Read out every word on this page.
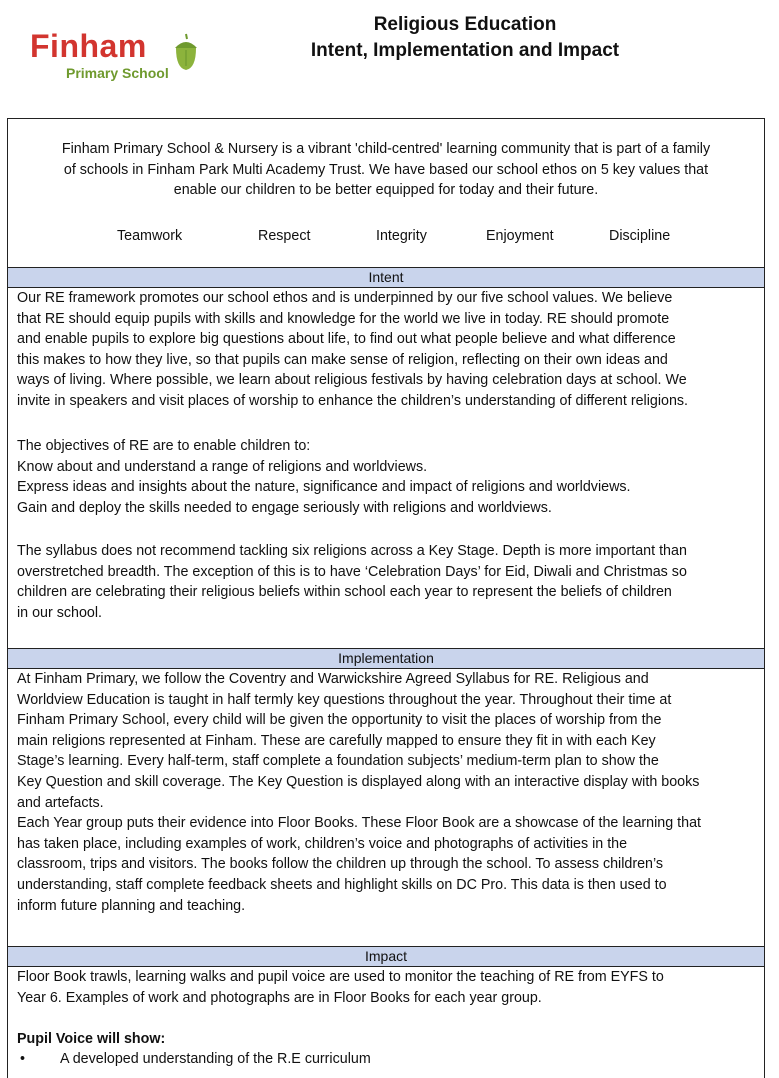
Finham
Primary School
Religious Education
Intent, Implementation and Impact
Finham Primary School & Nursery is a vibrant 'child-centred' learning community that is part of a family
of schools in Finham Park Multi Academy Trust. We have based our school ethos on 5 key values that
enable our children to be better equipped for today and their future.
Teamwork	Respect	Integrity	Enjoyment	Discipline
Intent
Our RE framework promotes our school ethos and is underpinned by our five school values. We believe
that RE should equip pupils with skills and knowledge for the world we live in today. RE should promote
and enable pupils to explore big questions about life, to find out what people believe and what difference
this makes to how they live, so that pupils can make sense of religion, reflecting on their own ideas and
ways of living. Where possible, we learn about religious festivals by having celebration days at school. We
invite in speakers and visit places of worship to enhance the children’s understanding of different religions.
The objectives of RE are to enable children to:
Know about and understand a range of religions and worldviews.
Express ideas and insights about the nature, significance and impact of religions and worldviews.
Gain and deploy the skills needed to engage seriously with religions and worldviews.
The syllabus does not recommend tackling six religions across a Key Stage. Depth is more important than
overstretched breadth. The exception of this is to have ‘Celebration Days’ for Eid, Diwali and Christmas so
children are celebrating their religious beliefs within school each year to represent the beliefs of children
in our school.
Implementation
At Finham Primary, we follow the Coventry and Warwickshire Agreed Syllabus for RE. Religious and
Worldview Education is taught in half termly key questions throughout the year. Throughout their time at
Finham Primary School, every child will be given the opportunity to visit the places of worship from the
main religions represented at Finham. These are carefully mapped to ensure they fit in with each Key
Stage’s learning. Every half-term, staff complete a foundation subjects’ medium-term plan to show the
Key Question and skill coverage. The Key Question is displayed along with an interactive display with books
and artefacts.
Each Year group puts their evidence into Floor Books. These Floor Book are a showcase of the learning that
has taken place, including examples of work, children’s voice and photographs of activities in the
classroom, trips and visitors. The books follow the children up through the school. To assess children’s
understanding, staff complete feedback sheets and highlight skills on DC Pro. This data is then used to
inform future planning and teaching.
Impact
Floor Book trawls, learning walks and pupil voice are used to monitor the teaching of RE from EYFS to
Year 6. Examples of work and photographs are in Floor Books for each year group.
Pupil Voice will show:
• A developed understanding of the R.E curriculum
